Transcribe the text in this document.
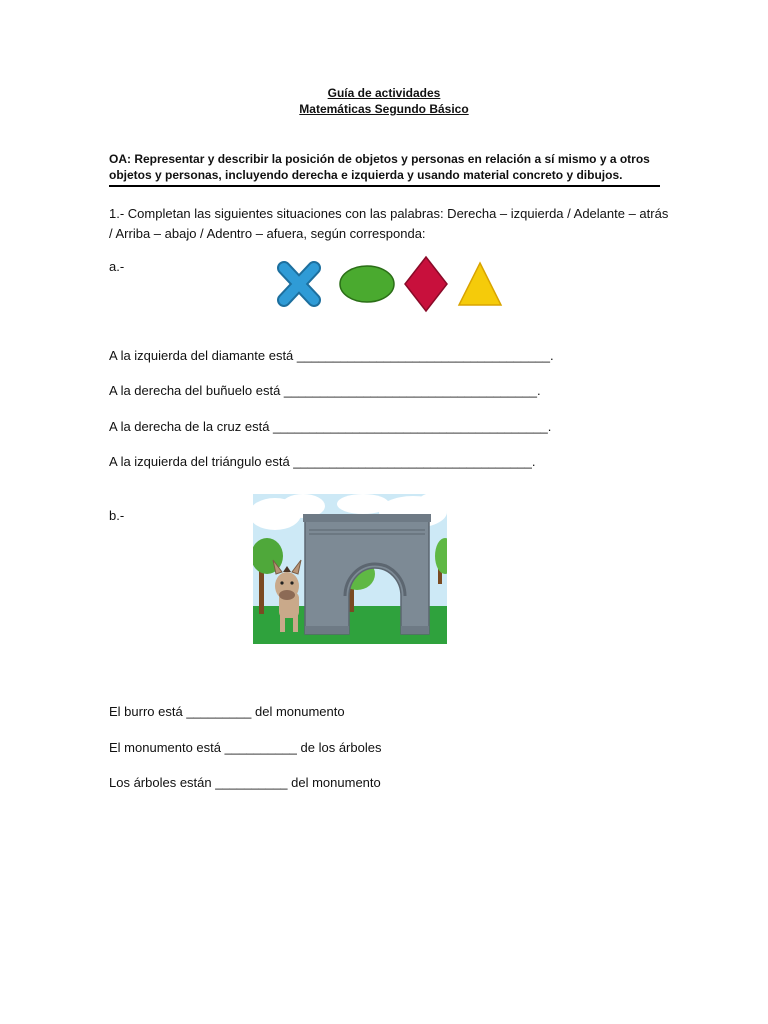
Guía de actividades
Matemáticas Segundo Básico
OA: Representar y describir la posición de objetos y personas en relación a sí mismo y a otros objetos y personas, incluyendo derecha e izquierda y usando material concreto y dibujos.
1.- Completan las siguientes situaciones con las palabras: Derecha – izquierda / Adelante – atrás / Arriba – abajo / Adentro – afuera, según corresponda:
a.-
A la izquierda del diamante está ___________________________________.
A la derecha del buñuelo está ___________________________________.
A la derecha de la cruz está ______________________________________.
A la izquierda del triángulo está _________________________________.
b.-
El burro está _________ del monumento
El monumento está __________ de los árboles
Los árboles están __________ del monumento
